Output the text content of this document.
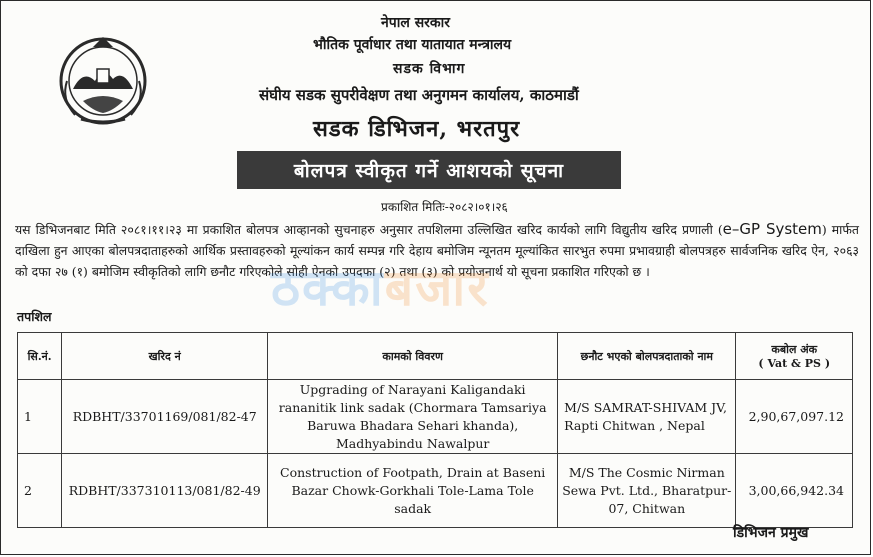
नेपाल सरकार
भौतिक पूर्वाधार तथा यातायात मन्त्रालय
सडक विभाग
संघीय सडक सुपरीवेक्षण तथा अनुगमन कार्यालय, काठमाडौं
सडक डिभिजन, भरतपुर
बोलपत्र स्वीकृत गर्ने आशयको सूचना
प्रकाशित मितिः-२०८२।०१।२६
यस डिभिजनबाट मिति २०८१।११।२३ मा प्रकाशित बोलपत्र आव्हानको सुचनाहरु अनुसार तपशिलमा उल्लिखित खरिद कार्यको लागि विद्युतीय खरिद प्रणाली (e–GP System) मार्फत दाखिला हुन आएका बोलपत्रदाताहरुको आर्थिक प्रस्तावहरुको मूल्यांकन कार्य सम्पन्न गरि देहाय बमोजिम न्यूनतम मूल्यांकित सारभुत रुपमा प्रभावग्राही बोलपत्रहरु सार्वजनिक खरिद ऐन, २०६३ को दफा २७ (१) बमोजिम स्वीकृतिको लागि छनौट गरिएकोले सोही ऐनको उपदफा (२) तथा (३) को प्रयोजनार्थ यो सूचना प्रकाशित गरिएको छ ।
ठक्काबजार
तपशिल
सि.नं.	खरिद नं	कामको विवरण	छनौट भएको बोलपत्रदाताको नाम	कबोल अंक
( Vat & PS )

1	RDBHT/33701169/081/82-47	Upgrading of Narayani Kaligandaki rananitik link sadak (Chormara Tamsariya Baruwa Bhadara Sehari khanda), Madhyabindu Nawalpur	M/S SAMRAT-SHIVAM JV, Rapti Chitwan , Nepal	2,90,67,097.12
2	RDBHT/337310113/081/82-49	Construction of Footpath, Drain at Baseni Bazar Chowk-Gorkhali Tole-Lama Tole sadak	M/S The Cosmic Nirman Sewa Pvt. Ltd., Bharatpur-07, Chitwan	3,00,66,942.34
डिभिजन प्रमुख
